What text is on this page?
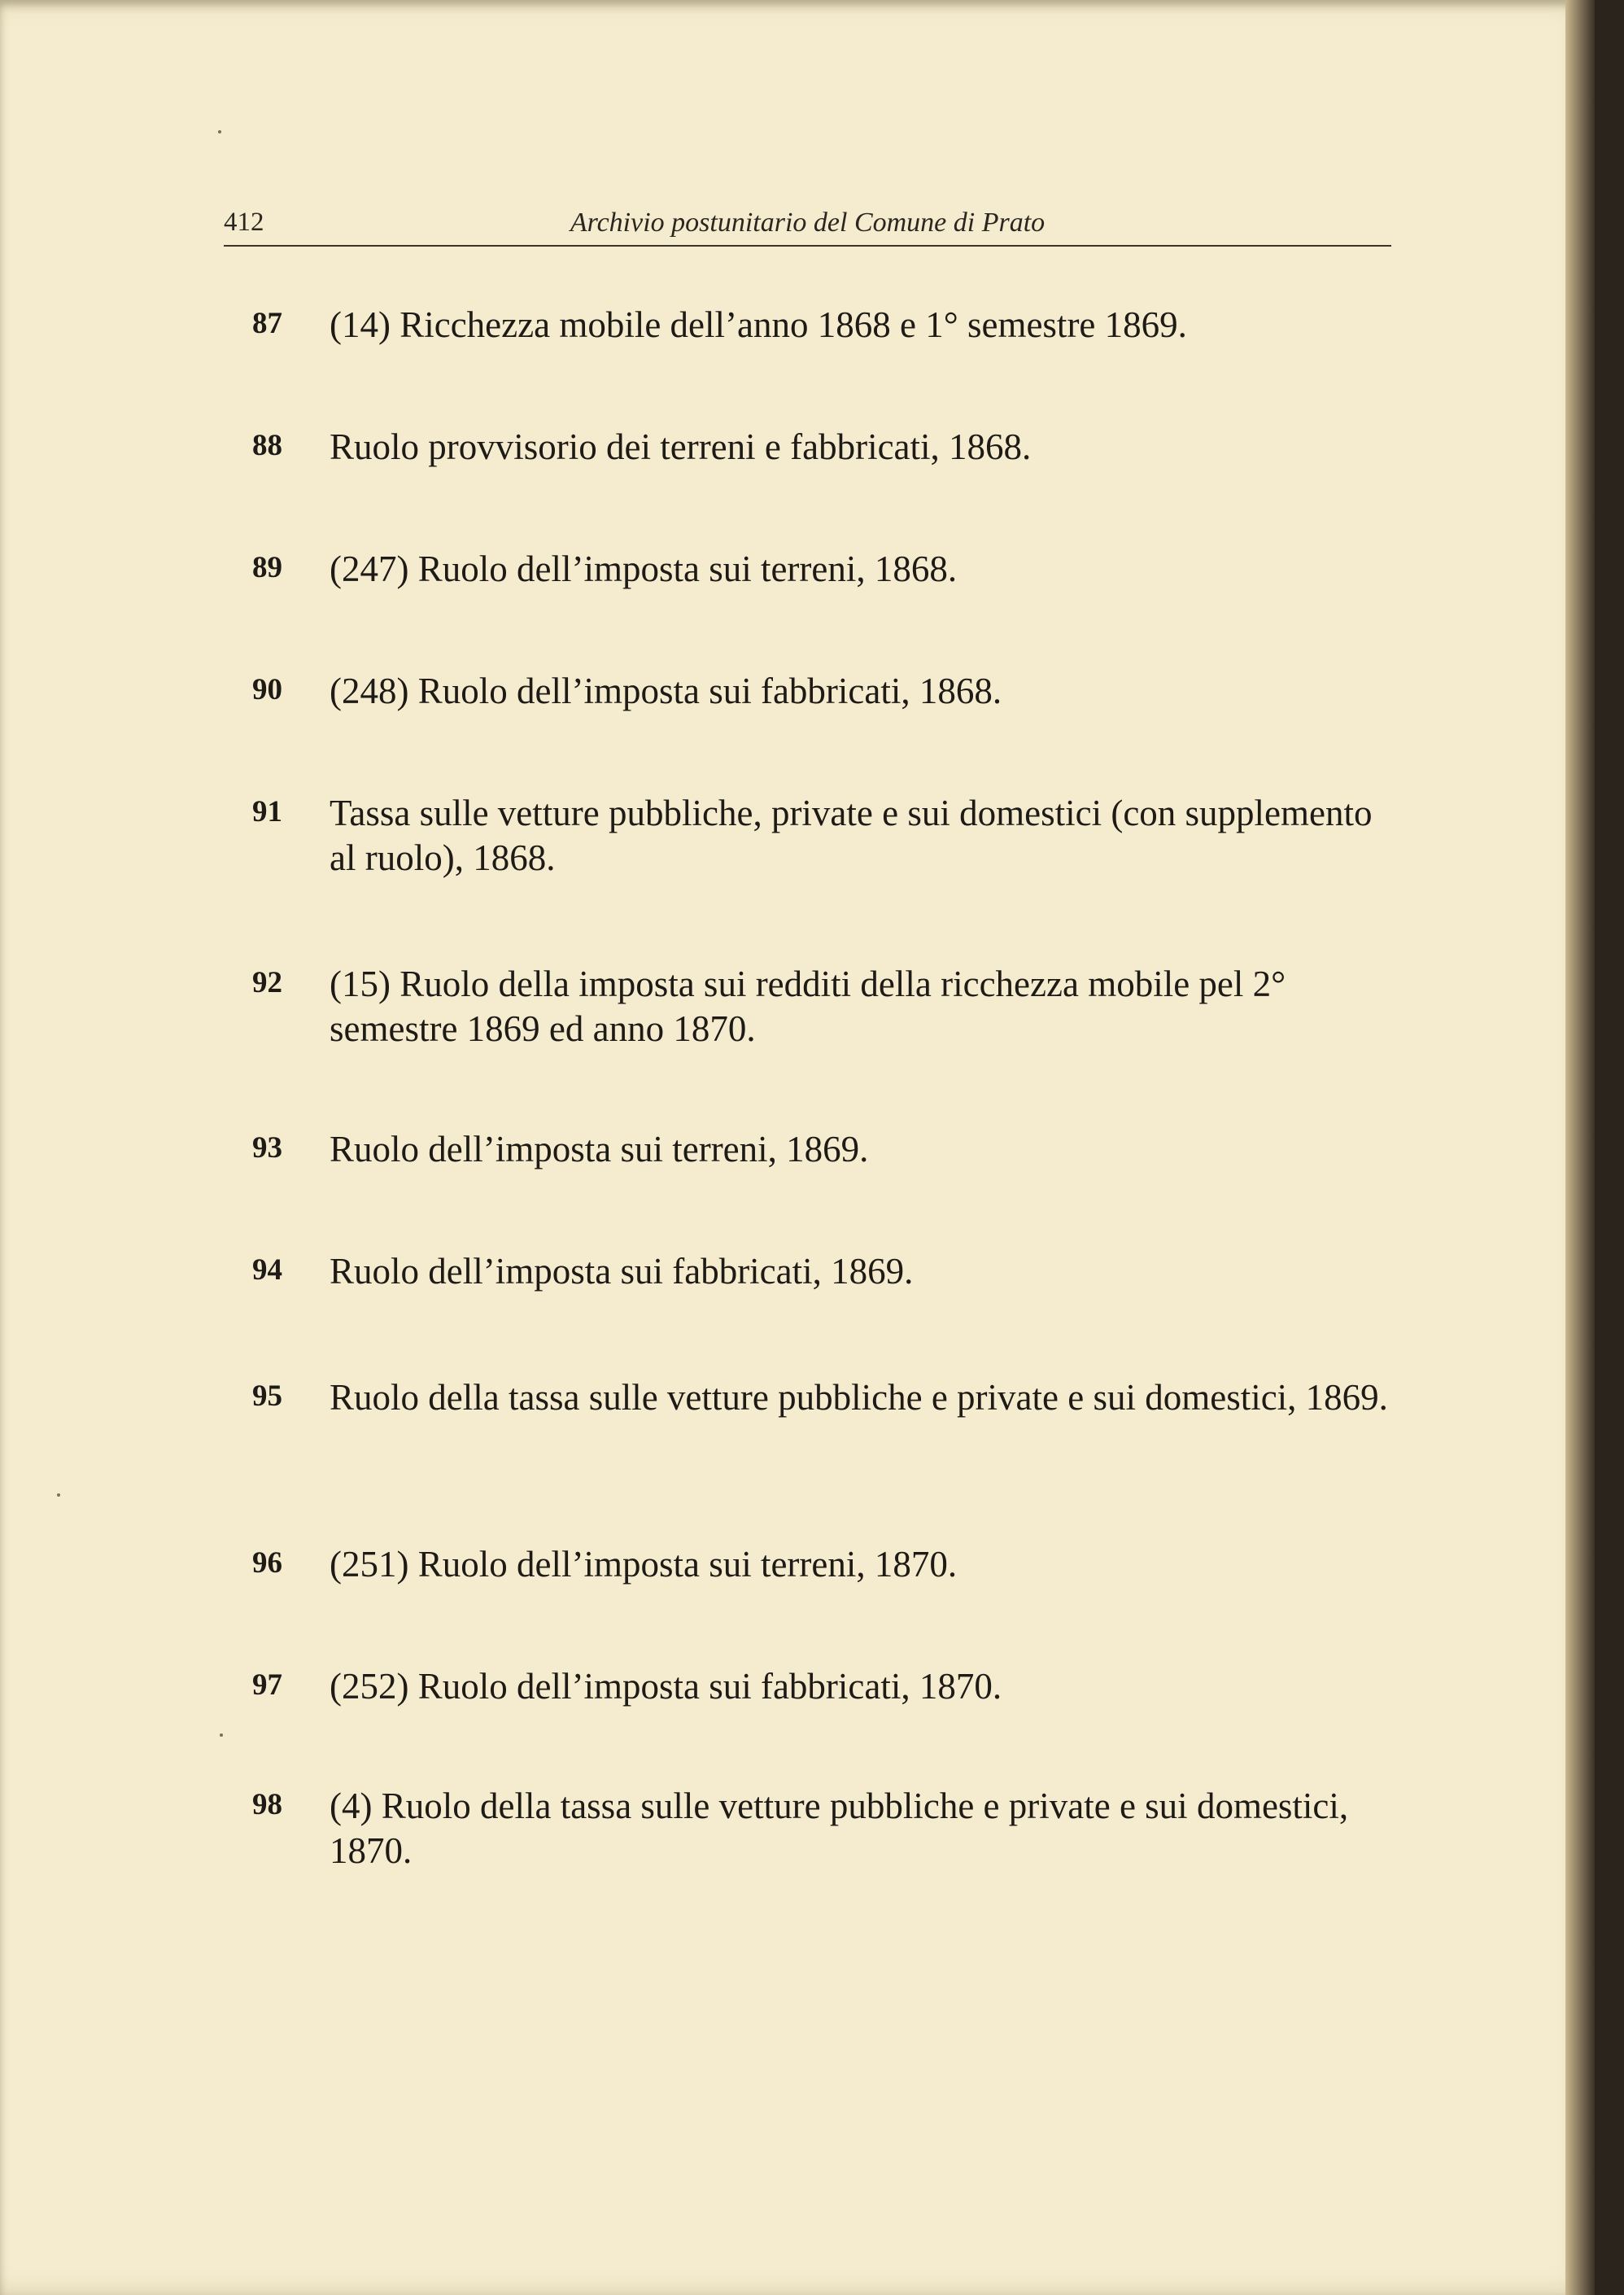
412	Archivio postunitario del Comune di Prato
87 (14) Ricchezza mobile dell’anno 1868 e 1° semestre 1869.
88 Ruolo provvisorio dei terreni e fabbricati, 1868.
89 (247) Ruolo dell’imposta sui terreni, 1868.
90 (248) Ruolo dell’imposta sui fabbricati, 1868.
91 Tassa sulle vetture pubbliche, private e sui domestici (con supplemento al ruolo), 1868.
92 (15) Ruolo della imposta sui redditi della ricchezza mobile pel 2° semestre 1869 ed anno 1870.
93 Ruolo dell’imposta sui terreni, 1869.
94 Ruolo dell’imposta sui fabbricati, 1869.
95 Ruolo della tassa sulle vetture pubbliche e private e sui domestici, 1869.
96 (251) Ruolo dell’imposta sui terreni, 1870.
97 (252) Ruolo dell’imposta sui fabbricati, 1870.
98 (4) Ruolo della tassa sulle vetture pubbliche e private e sui domestici, 1870.
